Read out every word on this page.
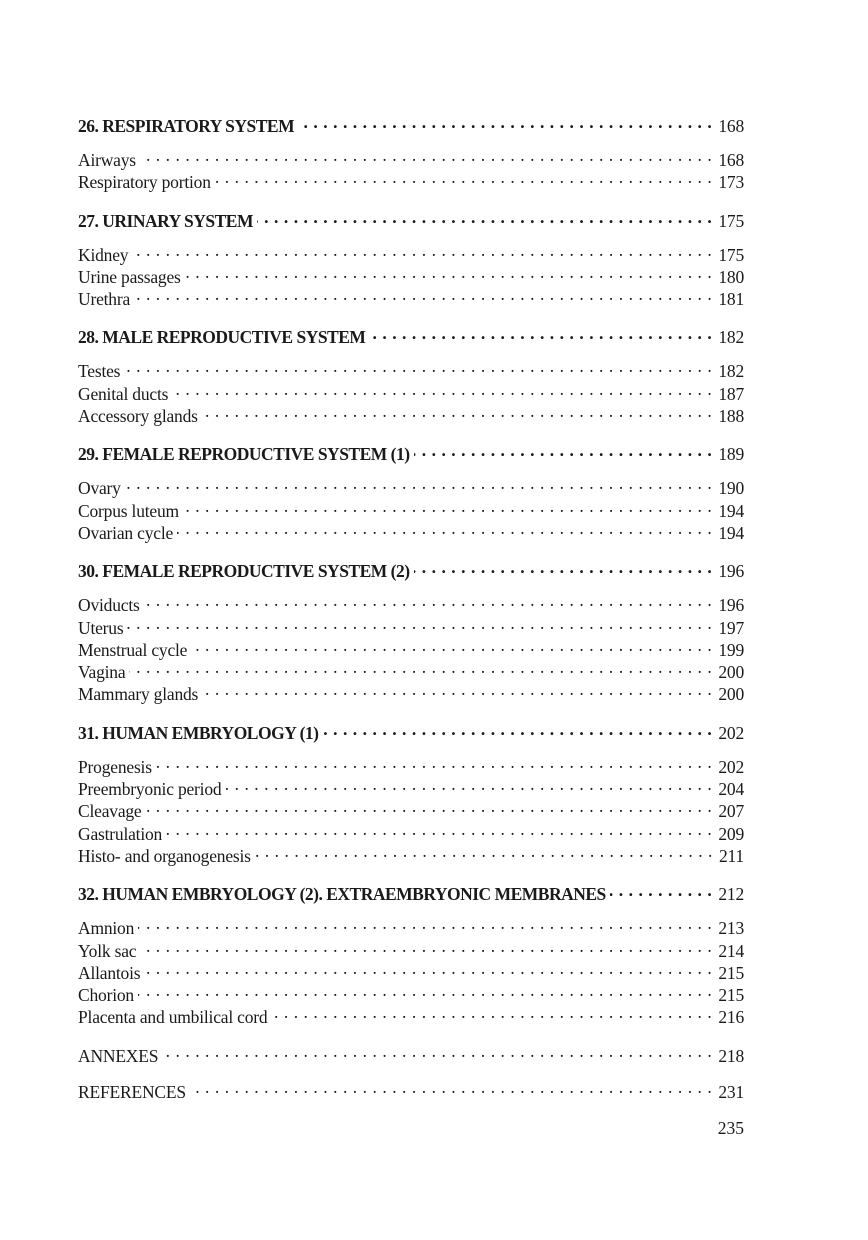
26. RESPIRATORY SYSTEM . . .	168
Airways . . .	168
Respiratory portion . . .	173
27. URINARY SYSTEM . . .	175
Kidney . . .	175
Urine passages . . .	180
Urethra . . .	181
28. MALE REPRODUCTIVE SYSTEM . . .	182
Testes . . .	182
Genital ducts . . .	187
Accessory glands . . .	188
29. FEMALE REPRODUCTIVE SYSTEM (1) . . .	189
Ovary . . .	190
Corpus luteum . . .	194
Ovarian cycle . . .	194
30. FEMALE REPRODUCTIVE SYSTEM (2) . . .	196
Oviducts . . .	196
Uterus . . .	197
Menstrual cycle . . .	199
Vagina . . .	200
Mammary glands . . .	200
31. HUMAN EMBRYOLOGY (1) . . .	202
Progenesis . . .	202
Preembryonic period . . .	204
Cleavage . . .	207
Gastrulation . . .	209
Histo- and organogenesis . . .	211
32. HUMAN EMBRYOLOGY (2). EXTRAEMBRYONIC MEMBRANES . . .	212
Amnion . . .	213
Yolk sac . . .	214
Allantois . . .	215
Chorion . . .	215
Placenta and umbilical cord . . .	216
ANNEXES . . .	218
REFERENCES . . .	231
235
